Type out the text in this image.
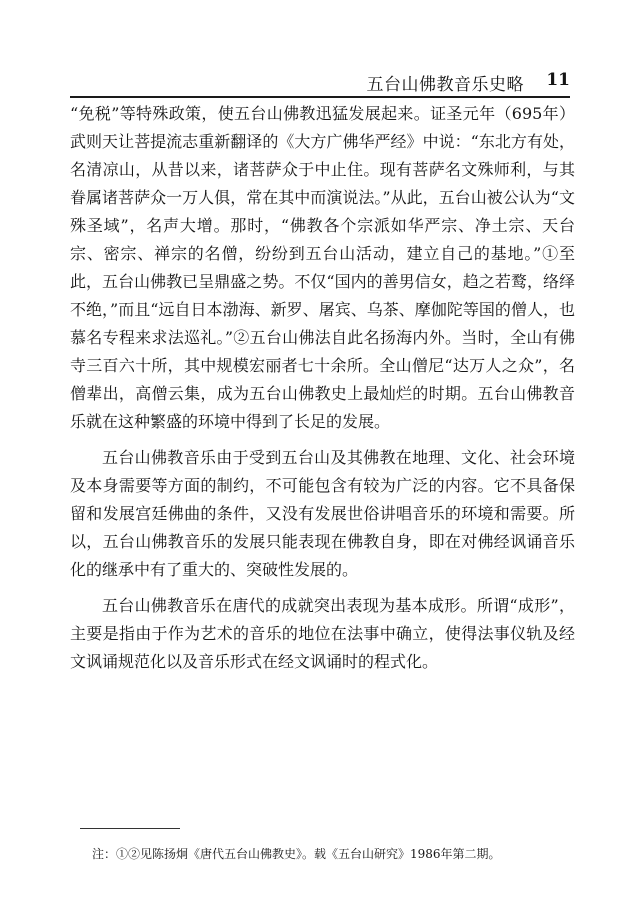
五台山佛教音乐史略 11

“免税”等特殊政策，使五台山佛教迅猛发展起来。证圣元年（695年）武则天让菩提流志重新翻译的《大方广佛华严经》中说：“东北方有处，名清凉山，从昔以来，诸菩萨众于中止住。现有菩萨名文殊师利，与其眷属诸菩萨众一万人俱，常在其中而演说法。”从此，五台山被公认为“文殊圣域”，名声大增。那时，“佛教各个宗派如华严宗、净土宗、天台宗、密宗、禅宗的名僧，纷纷到五台山活动，建立自己的基地。”①至此，五台山佛教已呈鼎盛之势。不仅“国内的善男信女，趋之若鹜，络绎不绝，”而且“远自日本渤海、新罗、屠宾、乌茶、摩伽陀等国的僧人，也慕名专程来求法巡礼。”②五台山佛法自此名扬海内外。当时，全山有佛寺三百六十所，其中规模宏丽者七十余所。全山僧尼“达万人之众”，名僧辈出，高僧云集，成为五台山佛教史上最灿烂的时期。五台山佛教音乐就在这种繁盛的环境中得到了长足的发展。

五台山佛教音乐由于受到五台山及其佛教在地理、文化、社会环境及本身需要等方面的制约，不可能包含有较为广泛的内容。它不具备保留和发展宫廷佛曲的条件，又没有发展世俗讲唱音乐的环境和需要。所以，五台山佛教音乐的发展只能表现在佛教自身，即在对佛经讽诵音乐化的继承中有了重大的、突破性发展的。

五台山佛教音乐在唐代的成就突出表现为基本成形。所谓“成形”，主要是指由于作为艺术的音乐的地位在法事中确立，使得法事仪轨及经文讽诵规范化以及音乐形式在经文讽诵时的程式化。

注：①②见陈扬炯《唐代五台山佛教史》。载《五台山研究》1986年第二期。
